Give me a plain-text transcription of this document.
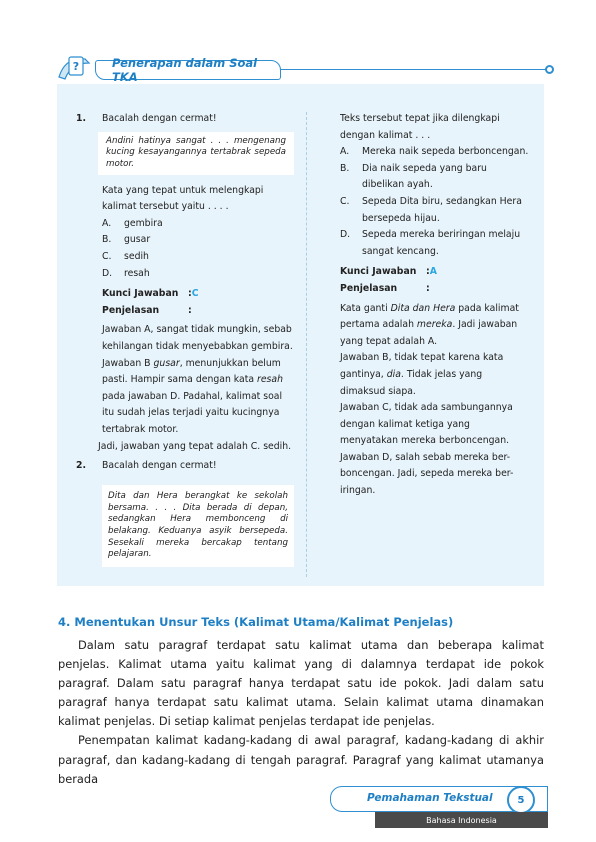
?	Penerapan dalam Soal TKA
1. Bacalah dengan cermat!
Andini hatinya sangat . . . mengenang kucing kesayangannya tertabrak sepeda motor.
Kata yang tepat untuk melengkapi
kalimat tersebut yaitu . . . .
A. gembira
B. gusar
C. sedih
D. resah
Kunci Jawaban	: C
Penjelasan	:
Jawaban A, sangat tidak mungkin, sebab
kehilangan tidak menyebabkan gembira.
Jawaban B gusar, menunjukkan belum
pasti. Hampir sama dengan kata resah
pada jawaban D. Padahal, kalimat soal
itu sudah jelas terjadi yaitu kucingnya
tertabrak motor.
Jadi, jawaban yang tepat adalah C. sedih.
2. Bacalah dengan cermat!
Dita dan Hera berangkat ke sekolah bersama. . . . Dita berada di depan, sedangkan Hera membonceng di belakang. Keduanya asyik bersepeda. Sesekali mereka bercakap tentang pelajaran.
Teks tersebut tepat jika dilengkapi
dengan kalimat . . .
A. Mereka naik sepeda berboncengan.
B. Dia naik sepeda yang baru dibelikan ayah.
C. Sepeda Dita biru, sedangkan Hera bersepeda hijau.
D. Sepeda mereka beriringan melaju sangat kencang.
Kunci Jawaban	: A
Penjelasan	:
Kata ganti Dita dan Hera pada kalimat pertama adalah mereka. Jadi jawaban yang tepat adalah A.
Jawaban B, tidak tepat karena kata gantinya, dia. Tidak jelas yang dimaksud siapa.
Jawaban C, tidak ada sambungannya dengan kalimat ketiga yang menyatakan mereka berboncengan.
Jawaban D, salah sebab mereka ber-boncengan. Jadi, sepeda mereka ber-iringan.
4. Menentukan Unsur Teks (Kalimat Utama/Kalimat Penjelas)

Dalam satu paragraf terdapat satu kalimat utama dan beberapa kalimat penjelas. Kalimat utama yaitu kalimat yang di dalamnya terdapat ide pokok paragraf. Dalam satu paragraf hanya terdapat satu ide pokok. Jadi dalam satu paragraf hanya terdapat satu kalimat utama. Selain kalimat utama dinamakan kalimat penjelas. Di setiap kalimat penjelas terdapat ide penjelas.

Penempatan kalimat kadang-kadang di awal paragraf, kadang-kadang di akhir paragraf, dan kadang-kadang di tengah paragraf. Paragraf yang kalimat utamanya berada

Pemahaman Tekstual	5
Bahasa Indonesia
